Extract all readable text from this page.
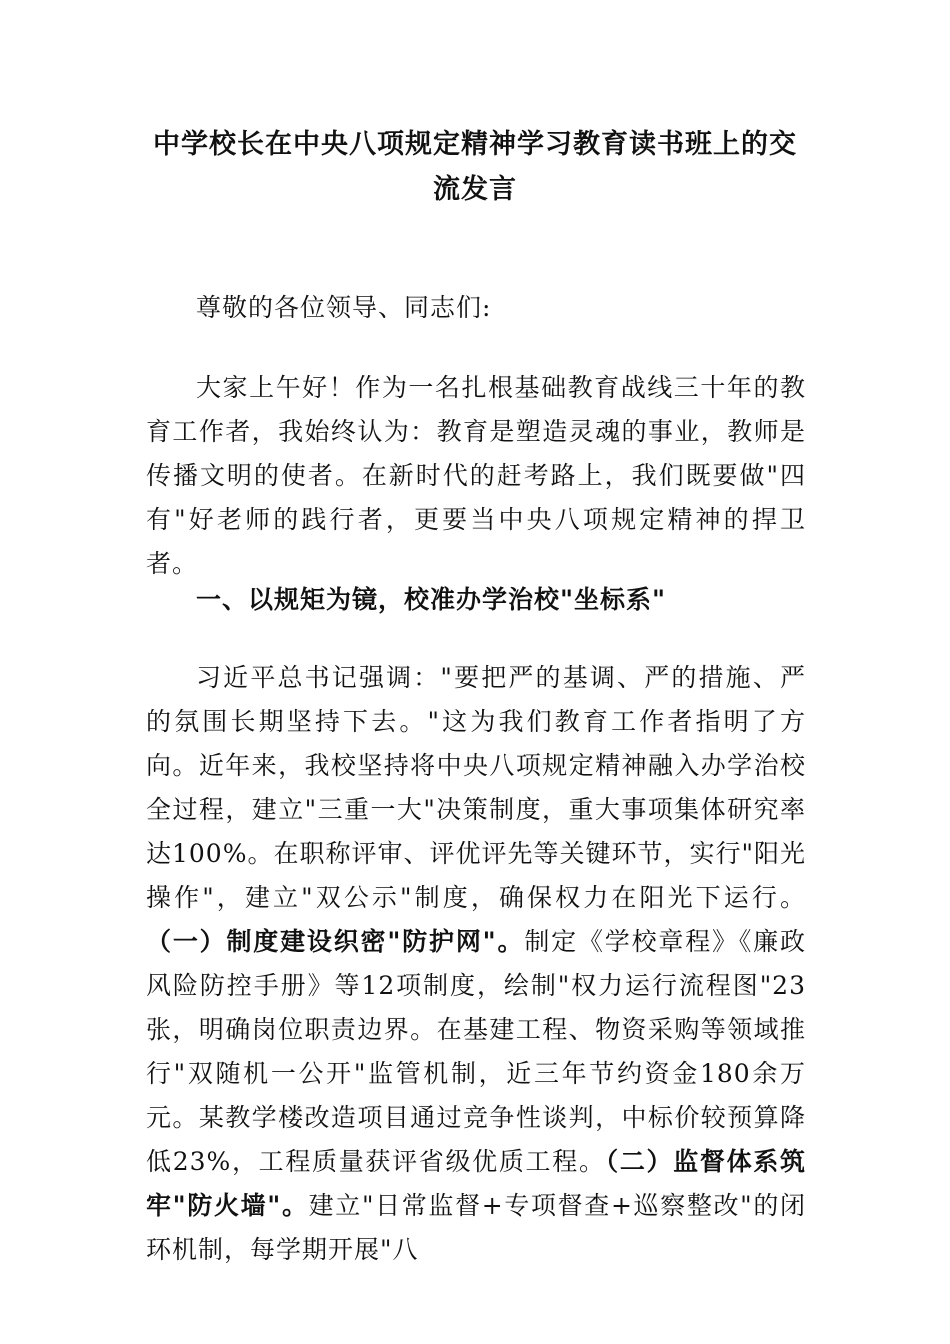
中学校长在中央八项规定精神学习教育读书班上的交流发言
尊敬的各位领导、同志们:
大家上午好！作为一名扎根基础教育战线三十年的教育工作者，我始终认为：教育是塑造灵魂的事业，教师是传播文明的使者。在新时代的赶考路上，我们既要做"四有"好老师的践行者，更要当中央八项规定精神的捍卫者。
一、以规矩为镜，校准办学治校"坐标系"
习近平总书记强调："要把严的基调、严的措施、严的氛围长期坚持下去。"这为我们教育工作者指明了方向。近年来，我校坚持将中央八项规定精神融入办学治校全过程，建立"三重一大"决策制度，重大事项集体研究率达100%。在职称评审、评优评先等关键环节，实行"阳光操作"，建立"双公示"制度，确保权力在阳光下运行。（一）制度建设织密"防护网"。制定《学校章程》《廉政风险防控手册》等12项制度，绘制"权力运行流程图"23张，明确岗位职责边界。在基建工程、物资采购等领域推行"双随机一公开"监管机制，近三年节约资金180余万元。某教学楼改造项目通过竞争性谈判，中标价较预算降低23%，工程质量获评省级优质工程。（二）监督体系筑牢"防火墙"。建立"日常监督+专项督查+巡察整改"的闭环机制，每学期开展"八
